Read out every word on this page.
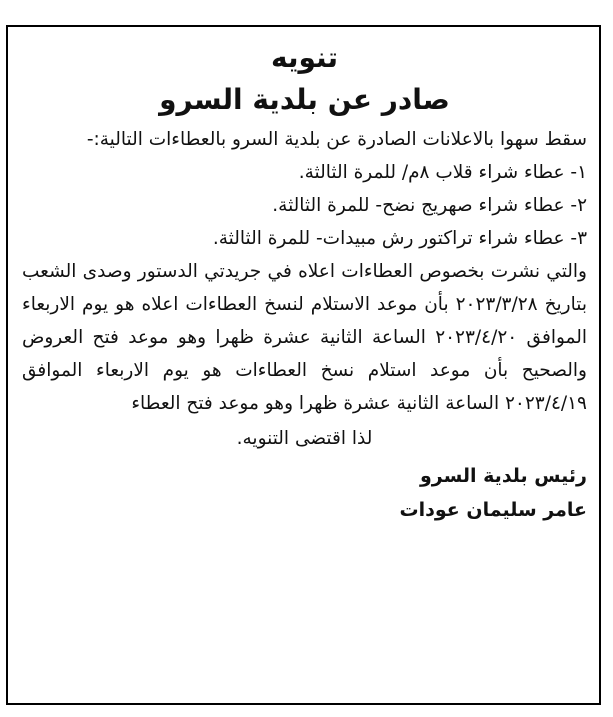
تنويه
صادر عن بلدية السرو

سقط سهوا بالاعلانات الصادرة عن بلدية السرو بالعطاءات التالية:-

١- عطاء شراء قلاب ٨م/ للمرة الثالثة.
٢- عطاء شراء صهريج نضح- للمرة الثالثة.
٣- عطاء شراء تراكتور رش مبيدات- للمرة الثالثة.

والتي نشرت بخصوص العطاءات اعلاه في جريدتي الدستور وصدى الشعب بتاريخ ٢٠٢٣/٣/٢٨ بأن موعد الاستلام لنسخ العطاءات اعلاه هو يوم الاربعاء الموافق ٢٠٢٣/٤/٢٠ الساعة الثانية عشرة ظهرا وهو موعد فتح العروض والصحيح بأن موعد استلام نسخ العطاءات هو يوم الاربعاء الموافق ٢٠٢٣/٤/١٩ الساعة الثانية عشرة ظهرا وهو موعد فتح العطاء

لذا اقتضى التنويه.

رئيس بلدية السرو

عامر سليمان عودات
